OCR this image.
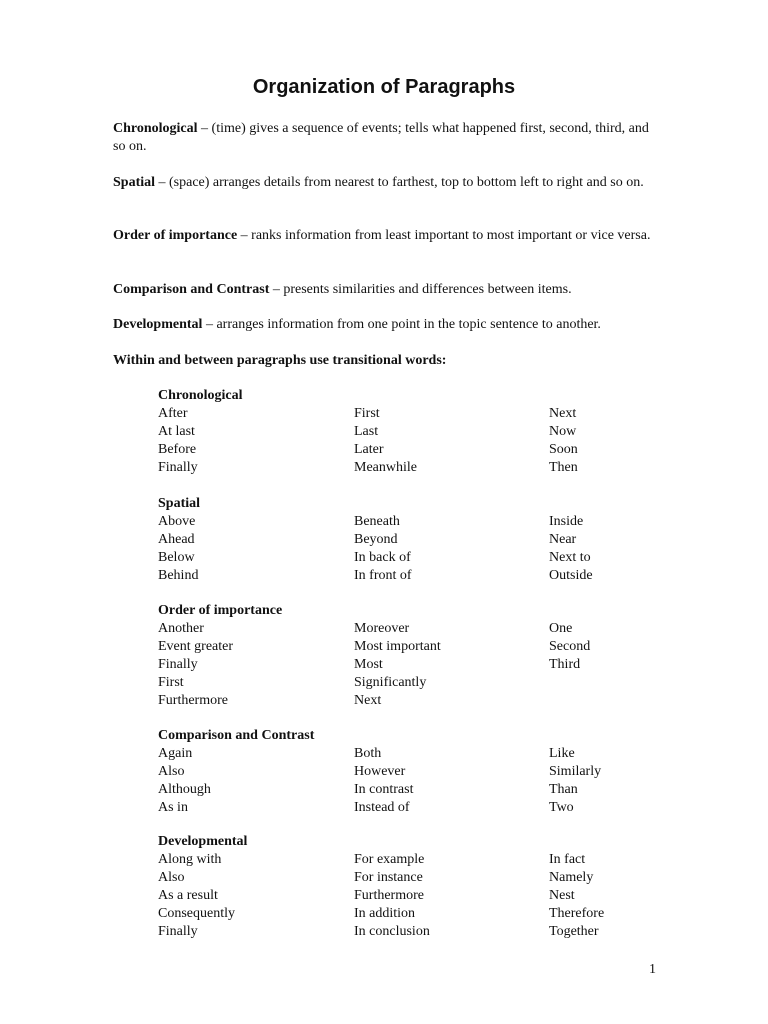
Organization of Paragraphs

Chronological – (time) gives a sequence of events; tells what happened first, second, third, and so on.

Spatial – (space) arranges details from nearest to farthest, top to bottom left to right and so on.

Order of importance – ranks information from least important to most important or vice versa.

Comparison and Contrast – presents similarities and differences between items.

Developmental – arranges information from one point in the topic sentence to another.

Within and between paragraphs use transitional words:

Chronological
After	First	Next
At last	Last	Now
Before	Later	Soon
Finally	Meanwhile	Then
Spatial
Above	Beneath	Inside
Ahead	Beyond	Near
Below	In back of	Next to
Behind	In front of	Outside
Order of importance
Another	Moreover	One
Event greater	Most important	Second
Finally	Most	Third
First	Significantly
Furthermore	Next
Comparison and Contrast
Again	Both	Like
Also	However	Similarly
Although	In contrast	Than
As in	Instead of	Two
Developmental
Along with	For example	In fact
Also	For instance	Namely
As a result	Furthermore	Nest
Consequently	In addition	Therefore
Finally	In conclusion	Together
1
